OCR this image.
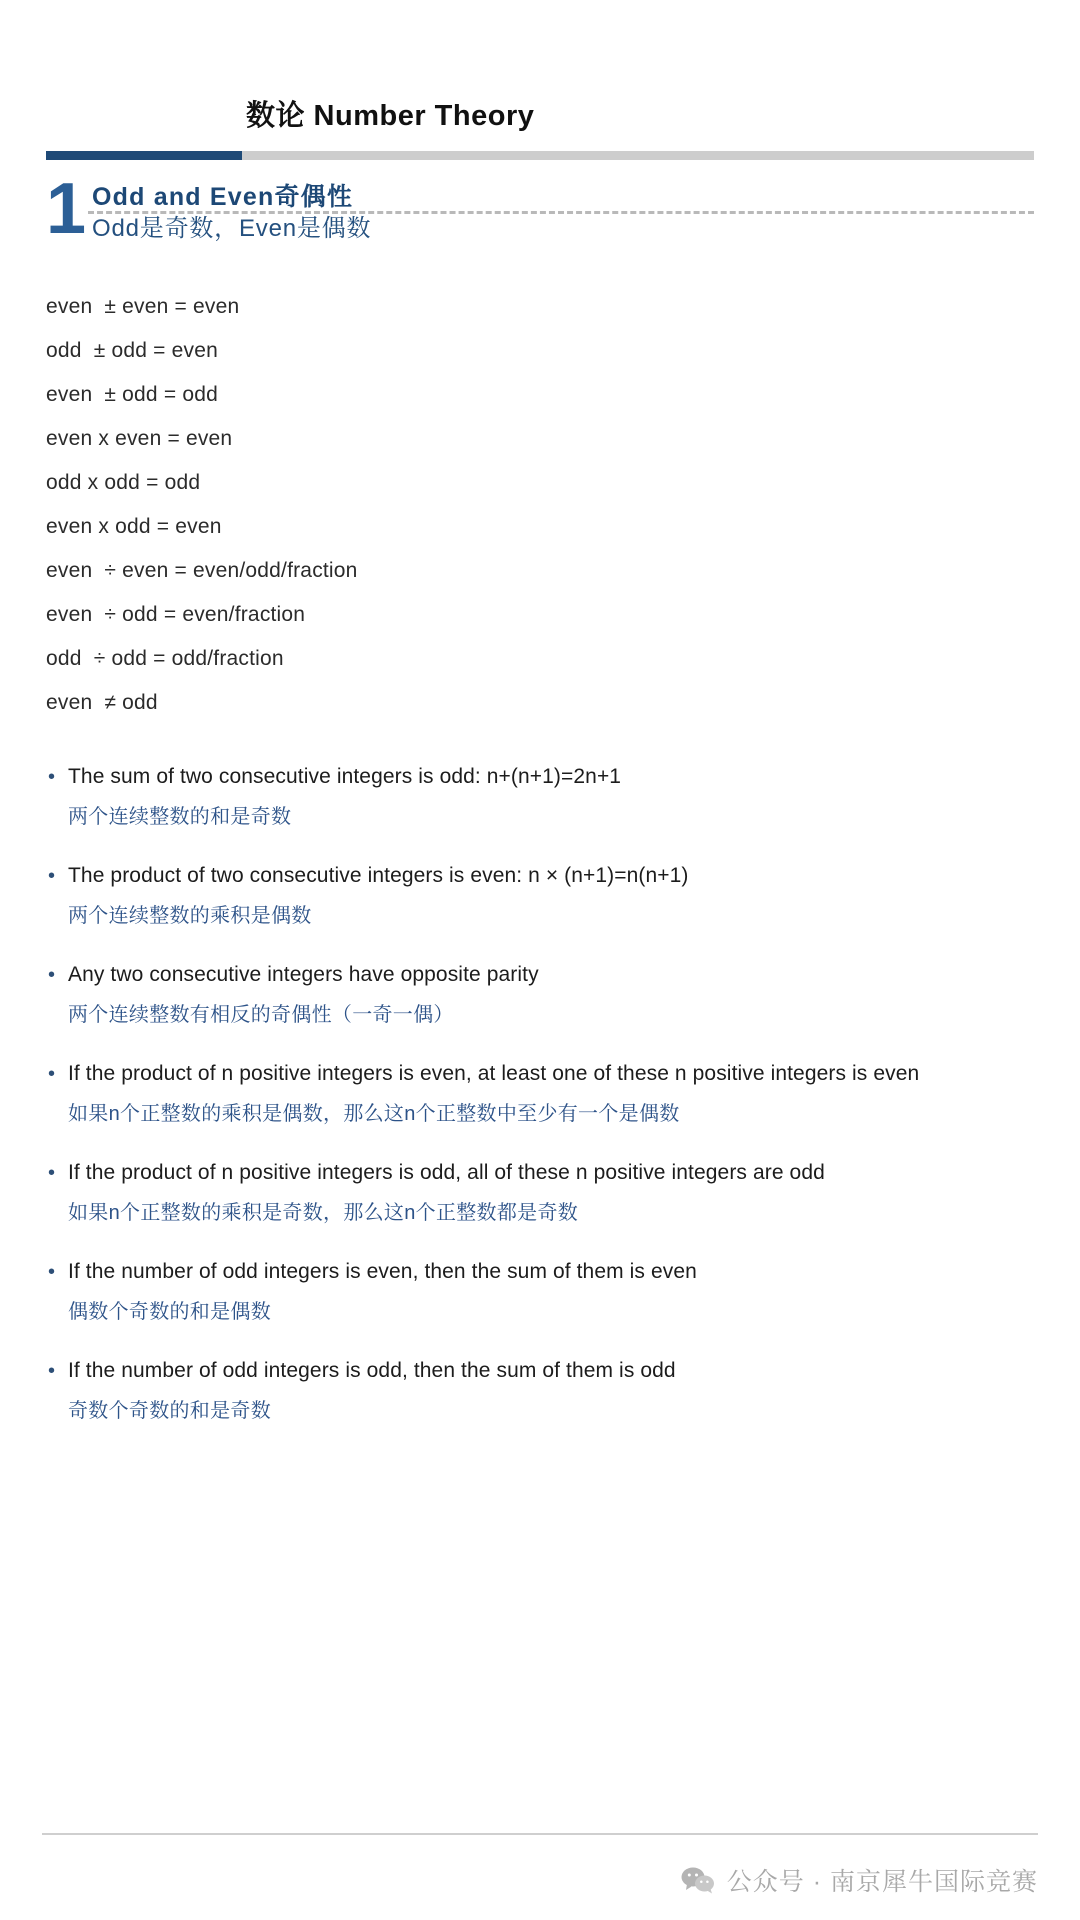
数论 Number Theory
1 Odd and Even奇偶性
Odd是奇数，Even是偶数
even  ± even = even
odd  ± odd = even
even  ± odd = odd
even x even = even
odd x odd = odd
even x odd = even
even  ÷ even = even/odd/fraction
even  ÷ odd = even/fraction
odd  ÷ odd = odd/fraction
even  ≠ odd
• The sum of two consecutive integers is odd: n+(n+1)=2n+1
两个连续整数的和是奇数
• The product of two consecutive integers is even: n × (n+1)=n(n+1)
两个连续整数的乘积是偶数
• Any two consecutive integers have opposite parity
两个连续整数有相反的奇偶性（一奇一偶）
• If the product of n positive integers is even, at least one of these n positive integers is even
如果n个正整数的乘积是偶数，那么这n个正整数中至少有一个是偶数
• If the product of n positive integers is odd, all of these n positive integers are odd
如果n个正整数的乘积是奇数，那么这n个正整数都是奇数
• If the number of odd integers is even, then the sum of them is even
偶数个奇数的和是偶数
• If the number of odd integers is odd, then the sum of them is odd
奇数个奇数的和是奇数
公众号 · 南京犀牛国际竞赛
